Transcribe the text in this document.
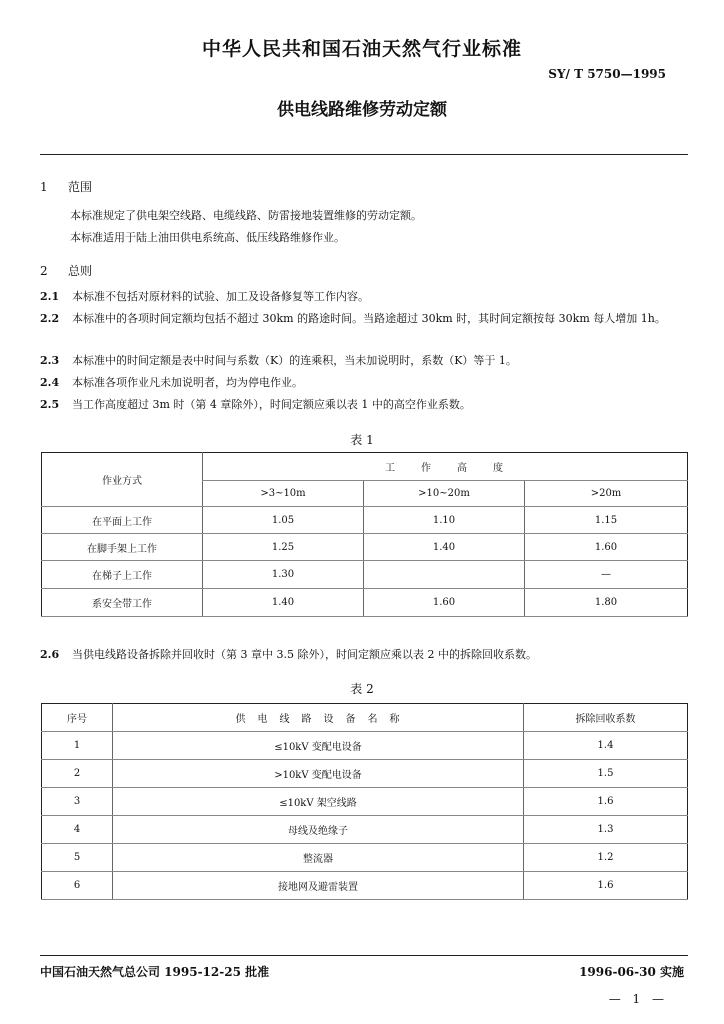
中华人民共和国石油天然气行业标准
SY/ T 5750—1995
供电线路维修劳动定额
1 范围
本标准规定了供电架空线路、电缆线路、防雷接地装置维修的劳动定额。
本标准适用于陆上油田供电系统高、低压线路维修作业。
2 总则
2.1 本标准不包括对原材料的试验、加工及设备修复等工作内容。
2.2 本标准中的各项时间定额均包括不超过 30km 的路途时间。当路途超过 30km 时，其时间定额按每 30km 每人增加 1h。
2.3 本标准中的时间定额是表中时间与系数（K）的连乘积，当未加说明时，系数（K）等于 1。
2.4 本标准各项作业凡未加说明者，均为停电作业。
2.5 当工作高度超过 3m 时（第 4 章除外），时间定额应乘以表 1 中的高空作业系数。
表 1
作业方式	工　　作　　高　　度		
	>3~10m	>10~20m	>20m
在平面上工作	1.05	1.10	1.15
在脚手架上工作	1.25	1.40	1.60
在梯子上工作	1.30		—
系安全带工作	1.40	1.60	1.80
2.6 当供电线路设备拆除并回收时（第 3 章中 3.5 除外），时间定额应乘以表 2 中的拆除回收系数。
表 2
序号	供　电　线　路　设　备　名　称	拆除回收系数
1	≤10kV 变配电设备	1.4
2	>10kV 变配电设备	1.5
3	≤10kV 架空线路	1.6
4	母线及绝缘子	1.3
5	整流器	1.2
6	接地网及避雷装置	1.6
中国石油天然气总公司 1995-12-25 批准	1996-06-30 实施
— 1 —
